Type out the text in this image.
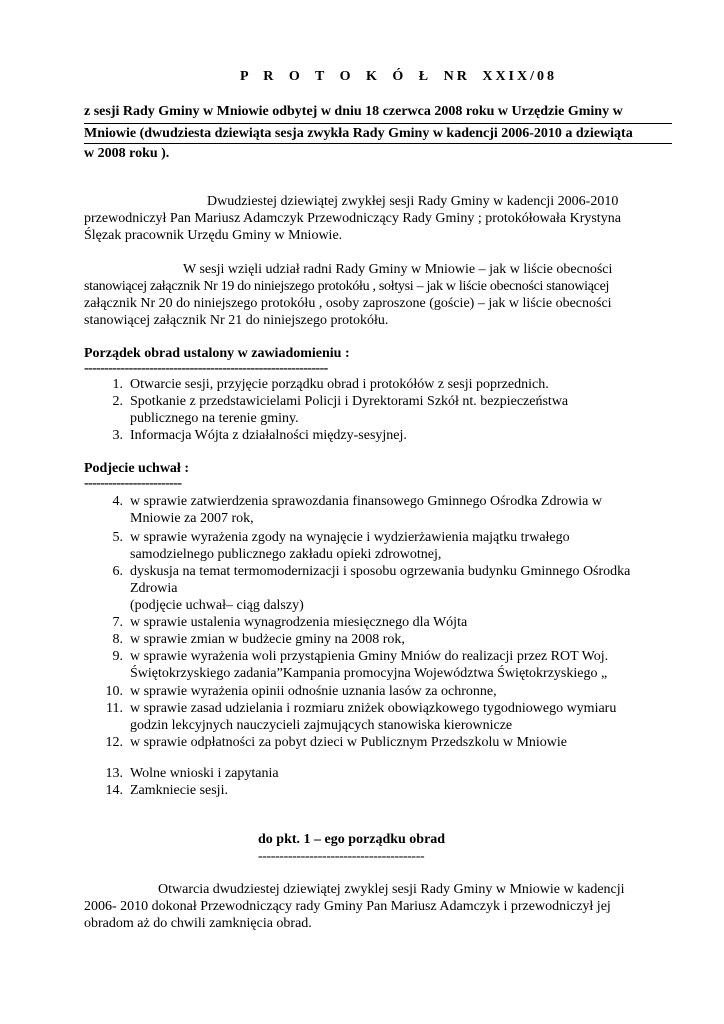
P R O T O K Ó Ł NR XXIX/08
z sesji Rady Gminy w Mniowie odbytej w dniu 18 czerwca 2008 roku w Urzędzie Gminy w
Mniowie (dwudziesta dziewiąta sesja zwykła Rady Gminy w kadencji 2006-2010 a dziewiąta
w 2008 roku ).
Dwudziestej dziewiątej zwykłej sesji Rady Gminy w kadencji 2006-2010
przewodniczył Pan Mariusz Adamczyk Przewodniczący Rady Gminy ; protokółowała Krystyna
Ślęzak pracownik Urzędu Gminy w Mniowie.
W sesji wzięli udział radni Rady Gminy w Mniowie – jak w liście obecności
stanowiącej załącznik Nr 19 do niniejszego protokółu , sołtysi – jak w liście obecności stanowiącej
załącznik Nr 20 do niniejszego protokółu , osoby zaproszone (goście) – jak w liście obecności
stanowiącej załącznik Nr 21 do niniejszego protokółu.
Porządek obrad ustalony w zawiadomieniu :
------------------------------------------------------------
1. Otwarcie sesji, przyjęcie porządku obrad i protokółów z sesji poprzednich.
2. Spotkanie z przedstawicielami Policji i Dyrektorami Szkół nt. bezpieczeństwa
publicznego na terenie gminy.
3. Informacja Wójta z działalności między-sesyjnej.
Podjecie uchwał :
------------------------
4. w sprawie zatwierdzenia sprawozdania finansowego Gminnego Ośrodka Zdrowia w
Mniowie za 2007 rok,
5. w sprawie wyrażenia zgody na wynajęcie i wydzierżawienia majątku trwałego
samodzielnego publicznego zakładu opieki zdrowotnej,
6. dyskusja na temat termomodernizacji i sposobu ogrzewania budynku Gminnego Ośrodka
Zdrowia
(podjęcie uchwał– ciąg dalszy)
7. w sprawie ustalenia wynagrodzenia miesięcznego dla Wójta
8. w sprawie zmian w budżecie gminy na 2008 rok,
9. w sprawie wyrażenia woli przystąpienia Gminy Mniów do realizacji przez ROT Woj.
Świętokrzyskiego zadania”Kampania promocyjna Województwa Świętokrzyskiego „
10. w sprawie wyrażenia opinii odnośnie uznania lasów za ochronne,
11. w sprawie zasad udzielania i rozmiaru zniżek obowiązkowego tygodniowego wymiaru
godzin lekcyjnych nauczycieli zajmujących stanowiska kierownicze
12. w sprawie odpłatności za pobyt dzieci w Publicznym Przedszkolu w Mniowie
13. Wolne wnioski i zapytania
14. Zamkniecie sesji.
do pkt. 1 – ego porządku obrad
---------------------------------------
Otwarcia dwudziestej dziewiątej zwyklej sesji Rady Gminy w Mniowie w kadencji
2006- 2010 dokonał Przewodniczący rady Gminy Pan Mariusz Adamczyk i przewodniczył jej
obradom aż do chwili zamknięcia obrad.
